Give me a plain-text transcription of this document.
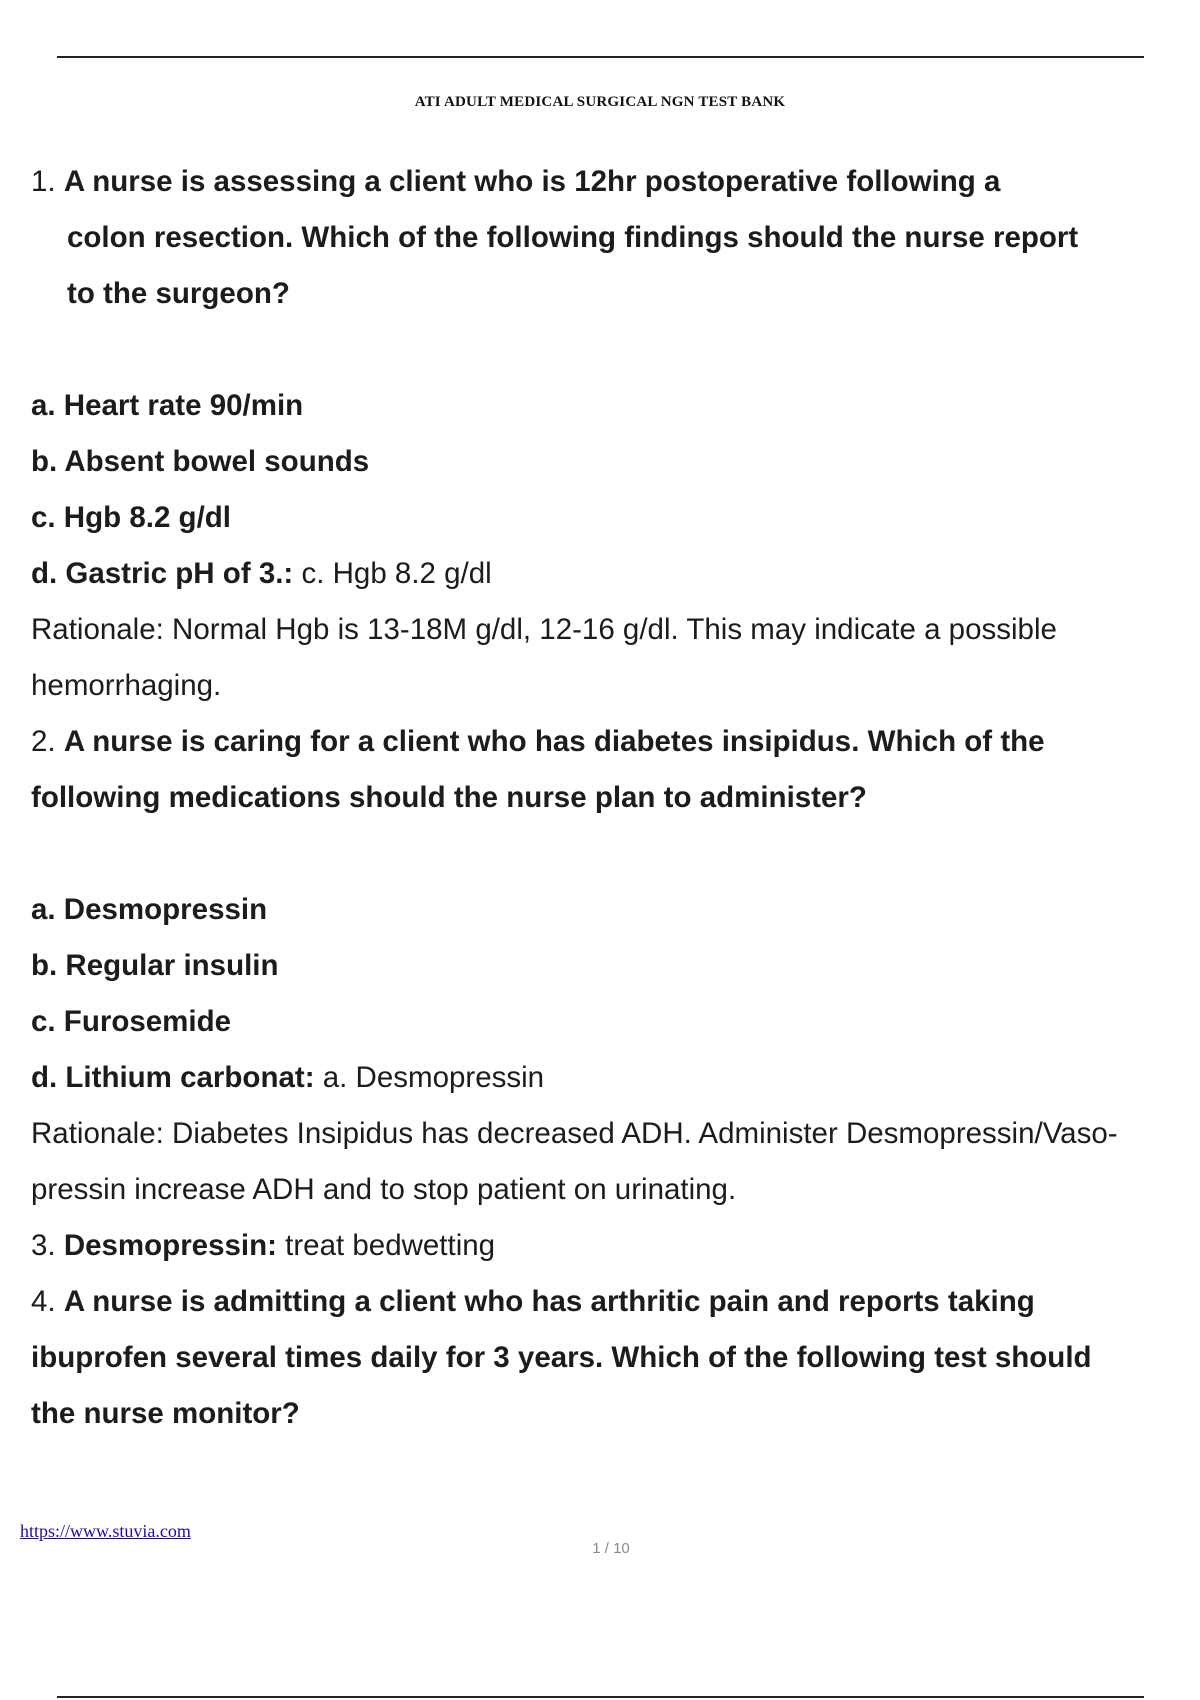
ATI ADULT MEDICAL SURGICAL NGN TEST BANK
1. A nurse is assessing a client who is 12hr postoperative following a
colon resection. Which of the following findings should the nurse report
to the surgeon?
a. Heart rate 90/min
b. Absent bowel sounds
c. Hgb 8.2 g/dl
d. Gastric pH of 3.: c. Hgb 8.2 g/dl
Rationale: Normal Hgb is 13-18M g/dl, 12-16 g/dl. This may indicate a possible
hemorrhaging.
2. A nurse is caring for a client who has diabetes insipidus. Which of the
following medications should the nurse plan to administer?
a. Desmopressin
b. Regular insulin
c. Furosemide
d. Lithium carbonat: a. Desmopressin
Rationale: Diabetes Insipidus has decreased ADH. Administer Desmopressin/Vaso-
pressin increase ADH and to stop patient on urinating.
3. Desmopressin: treat bedwetting
4. A nurse is admitting a client who has arthritic pain and reports taking
ibuprofen several times daily for 3 years. Which of the following test should
the nurse monitor?
https://www.stuvia.com
1 / 10
